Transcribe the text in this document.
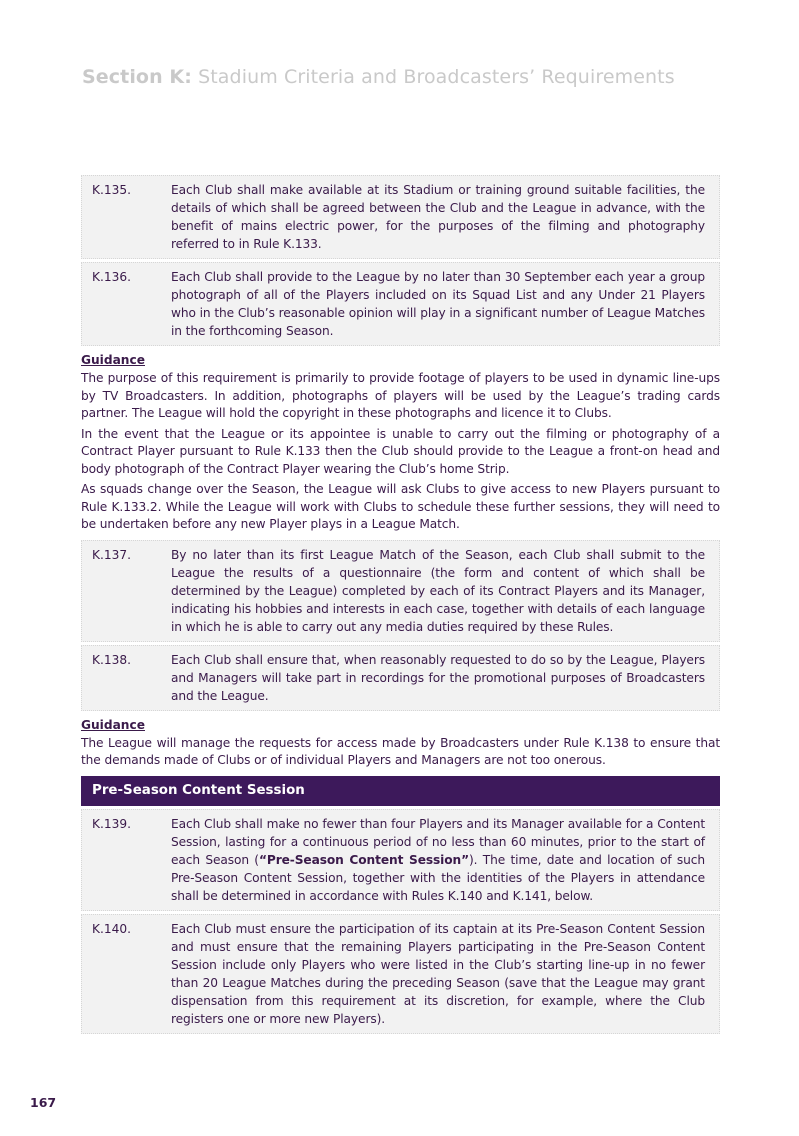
Section K: Stadium Criteria and Broadcasters’ Requirements
K.135.	Each Club shall make available at its Stadium or training ground suitable facilities, the details of which shall be agreed between the Club and the League in advance, with the benefit of mains electric power, for the purposes of the filming and photography referred to in Rule K.133.
K.136.	Each Club shall provide to the League by no later than 30 September each year a group photograph of all of the Players included on its Squad List and any Under 21 Players who in the Club’s reasonable opinion will play in a significant number of League Matches in the forthcoming Season.
Guidance
The purpose of this requirement is primarily to provide footage of players to be used in dynamic line-ups by TV Broadcasters. In addition, photographs of players will be used by the League’s trading cards partner. The League will hold the copyright in these photographs and licence it to Clubs.
In the event that the League or its appointee is unable to carry out the filming or photography of a Contract Player pursuant to Rule K.133 then the Club should provide to the League a front-on head and body photograph of the Contract Player wearing the Club’s home Strip.
As squads change over the Season, the League will ask Clubs to give access to new Players pursuant to Rule K.133.2. While the League will work with Clubs to schedule these further sessions, they will need to be undertaken before any new Player plays in a League Match.
K.137.	By no later than its first League Match of the Season, each Club shall submit to the League the results of a questionnaire (the form and content of which shall be determined by the League) completed by each of its Contract Players and its Manager, indicating his hobbies and interests in each case, together with details of each language in which he is able to carry out any media duties required by these Rules.
K.138.	Each Club shall ensure that, when reasonably requested to do so by the League, Players and Managers will take part in recordings for the promotional purposes of Broadcasters and the League.
Guidance
The League will manage the requests for access made by Broadcasters under Rule K.138 to ensure that the demands made of Clubs or of individual Players and Managers are not too onerous.
Pre-Season Content Session
K.139.	Each Club shall make no fewer than four Players and its Manager available for a Content Session, lasting for a continuous period of no less than 60 minutes, prior to the start of each Season (“Pre-Season Content Session”). The time, date and location of such Pre-Season Content Session, together with the identities of the Players in attendance shall be determined in accordance with Rules K.140 and K.141, below.
K.140.	Each Club must ensure the participation of its captain at its Pre-Season Content Session and must ensure that the remaining Players participating in the Pre-Season Content Session include only Players who were listed in the Club’s starting line-up in no fewer than 20 League Matches during the preceding Season (save that the League may grant dispensation from this requirement at its discretion, for example, where the Club registers one or more new Players).
167
